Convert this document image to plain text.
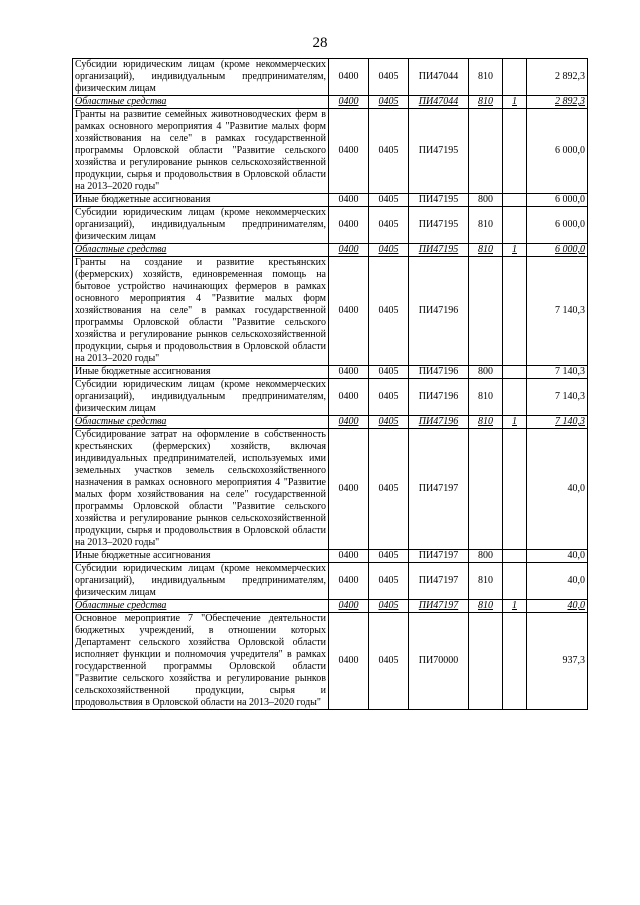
28
Субсидии юридическим лицам (кроме некоммерческих организаций), индивидуальным предпринимателям, физическим лицам	0400	0405	ПИ47044	810		2 892,3
Областные средства	0400	0405	ПИ47044	810	1	2 892,3
Гранты на развитие семейных животноводческих ферм в рамках основного мероприятия 4 "Развитие малых форм хозяйствования на селе" в рамках государственной программы Орловской области "Развитие сельского хозяйства и регулирование рынков сельскохозяйственной продукции, сырья и продовольствия в Орловской области на 2013–2020 годы"	0400	0405	ПИ47195			6 000,0
Иные бюджетные ассигнования	0400	0405	ПИ47195	800		6 000,0
Субсидии юридическим лицам (кроме некоммерческих организаций), индивидуальным предпринимателям, физическим лицам	0400	0405	ПИ47195	810		6 000,0
Областные средства	0400	0405	ПИ47195	810	1	6 000,0
Гранты на создание и развитие крестьянских (фермерских) хозяйств, единовременная помощь на бытовое устройство начинающих фермеров в рамках основного мероприятия 4 "Развитие малых форм хозяйствования на селе" в рамках государственной программы Орловской области "Развитие сельского хозяйства и регулирование рынков сельскохозяйственной продукции, сырья и продовольствия в Орловской области на 2013–2020 годы"	0400	0405	ПИ47196			7 140,3
Иные бюджетные ассигнования	0400	0405	ПИ47196	800		7 140,3
Субсидии юридическим лицам (кроме некоммерческих организаций), индивидуальным предпринимателям, физическим лицам	0400	0405	ПИ47196	810		7 140,3
Областные средства	0400	0405	ПИ47196	810	1	7 140,3
Субсидирование затрат на оформление в собственность крестьянских (фермерских) хозяйств, включая индивидуальных предпринимателей, используемых ими земельных участков земель сельскохозяйственного назначения в рамках основного мероприятия 4 "Развитие малых форм хозяйствования на селе" государственной программы Орловской области "Развитие сельского хозяйства и регулирование рынков сельскохозяйственной продукции, сырья и продовольствия в Орловской области на 2013–2020 годы"	0400	0405	ПИ47197			40,0
Иные бюджетные ассигнования	0400	0405	ПИ47197	800		40,0
Субсидии юридическим лицам (кроме некоммерческих организаций), индивидуальным предпринимателям, физическим лицам	0400	0405	ПИ47197	810		40,0
Областные средства	0400	0405	ПИ47197	810	1	40,0
Основное мероприятие 7 "Обеспечение деятельности бюджетных учреждений, в отношении которых Департамент сельского хозяйства Орловской области исполняет функции и полномочия учредителя" в рамках государственной программы Орловской области "Развитие сельского хозяйства и регулирование рынков сельскохозяйственной продукции, сырья и продовольствия в Орловской области на 2013–2020 годы"	0400	0405	ПИ70000			937,3
